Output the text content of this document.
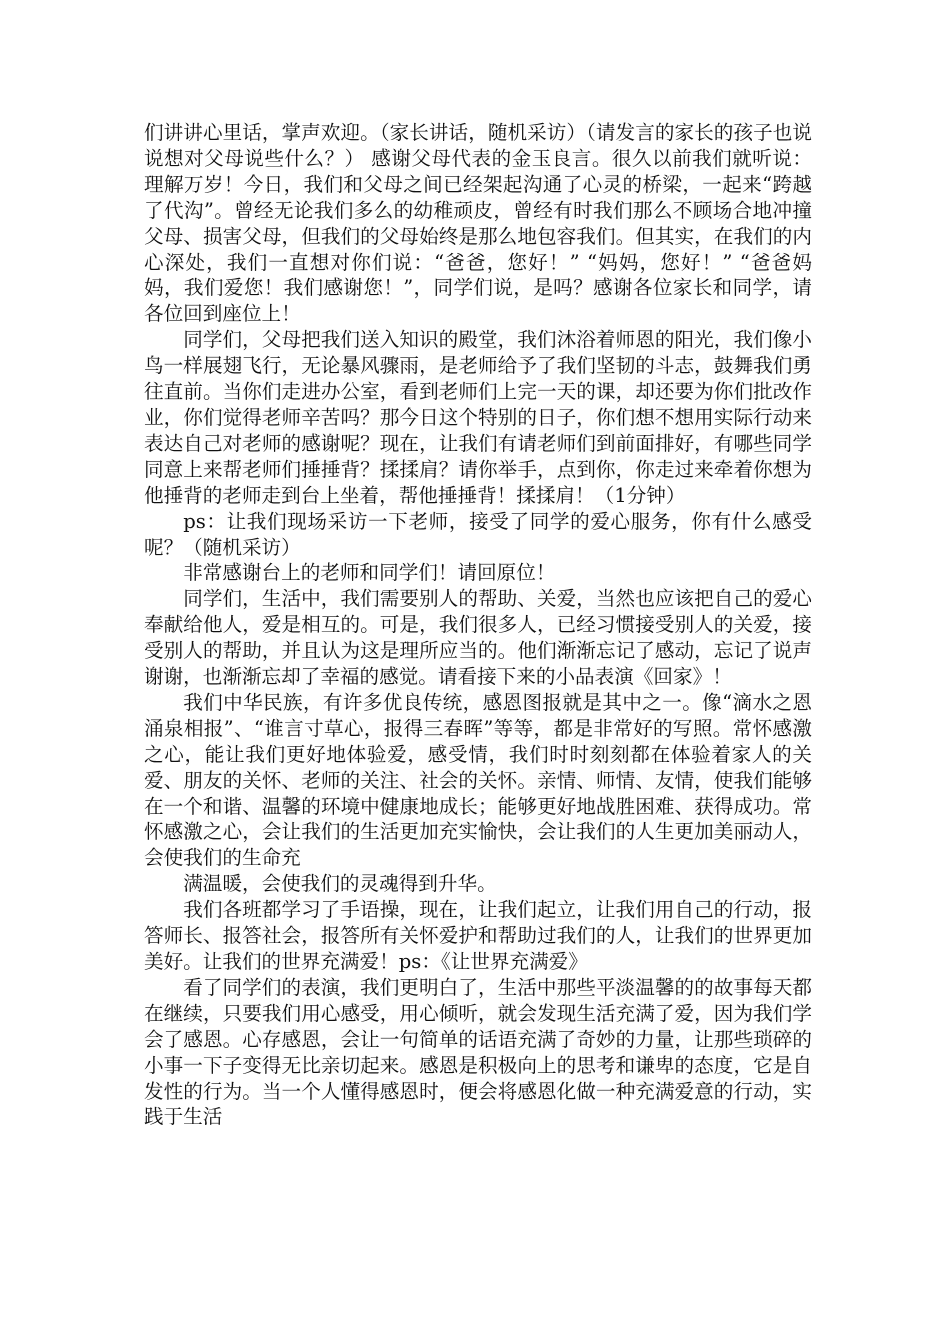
们讲讲心里话，掌声欢迎。（家长讲话，随机采访）（请发言的家长的孩子也说说想对父母说些什么？） 感谢父母代表的金玉良言。很久以前我们就听说：理解万岁！今日，我们和父母之间已经架起沟通了心灵的桥梁，一起来“跨越了代沟”。曾经无论我们多么的幼稚顽皮，曾经有时我们那么不顾场合地冲撞父母、损害父母，但我们的父母始终是那么地包容我们。但其实，在我们的内心深处，我们一直想对你们说：“爸爸，您好！” “妈妈，您好！” “爸爸妈妈，我们爱您！我们感谢您！”，同学们说，是吗？感谢各位家长和同学，请各位回到座位上！

同学们，父母把我们送入知识的殿堂，我们沐浴着师恩的阳光，我们像小鸟一样展翅飞行，无论暴风骤雨，是老师给予了我们坚韧的斗志，鼓舞我们勇往直前。当你们走进办公室，看到老师们上完一天的课，却还要为你们批改作业，你们觉得老师辛苦吗？那今日这个特别的日子，你们想不想用实际行动来表达自己对老师的感谢呢？现在，让我们有请老师们到前面排好，有哪些同学同意上来帮老师们捶捶背？揉揉肩？请你举手，点到你，你走过来牵着你想为他捶背的老师走到台上坐着，帮他捶捶背！揉揉肩！（1分钟）

ps：让我们现场采访一下老师，接受了同学的爱心服务，你有什么感受呢？（随机采访）

非常感谢台上的老师和同学们！请回原位！

同学们，生活中，我们需要别人的帮助、关爱，当然也应该把自己的爱心奉献给他人，爱是相互的。可是，我们很多人，已经习惯接受别人的关爱，接受别人的帮助，并且认为这是理所应当的。他们渐渐忘记了感动，忘记了说声谢谢，也渐渐忘却了幸福的感觉。请看接下来的小品表演《回家》！

我们中华民族，有许多优良传统，感恩图报就是其中之一。像“滴水之恩涌泉相报”、“谁言寸草心，报得三春晖”等等，都是非常好的写照。常怀感激之心，能让我们更好地体验爱，感受情，我们时时刻刻都在体验着家人的关爱、朋友的关怀、老师的关注、社会的关怀。亲情、师情、友情，使我们能够在一个和谐、温馨的环境中健康地成长；能够更好地战胜困难、获得成功。常怀感激之心，会让我们的生活更加充实愉快，会让我们的人生更加美丽动人，会使我们的生命充

满温暖，会使我们的灵魂得到升华。

我们各班都学习了手语操，现在，让我们起立，让我们用自己的行动，报答师长、报答社会，报答所有关怀爱护和帮助过我们的人，让我们的世界更加美好。让我们的世界充满爱！ps：《让世界充满爱》

看了同学们的表演，我们更明白了，生活中那些平淡温馨的的故事每天都在继续，只要我们用心感受，用心倾听，就会发现生活充满了爱，因为我们学会了感恩。心存感恩，会让一句简单的话语充满了奇妙的力量，让那些琐碎的小事一下子变得无比亲切起来。感恩是积极向上的思考和谦卑的态度，它是自发性的行为。当一个人懂得感恩时，便会将感恩化做一种充满爱意的行动，实践于生活
